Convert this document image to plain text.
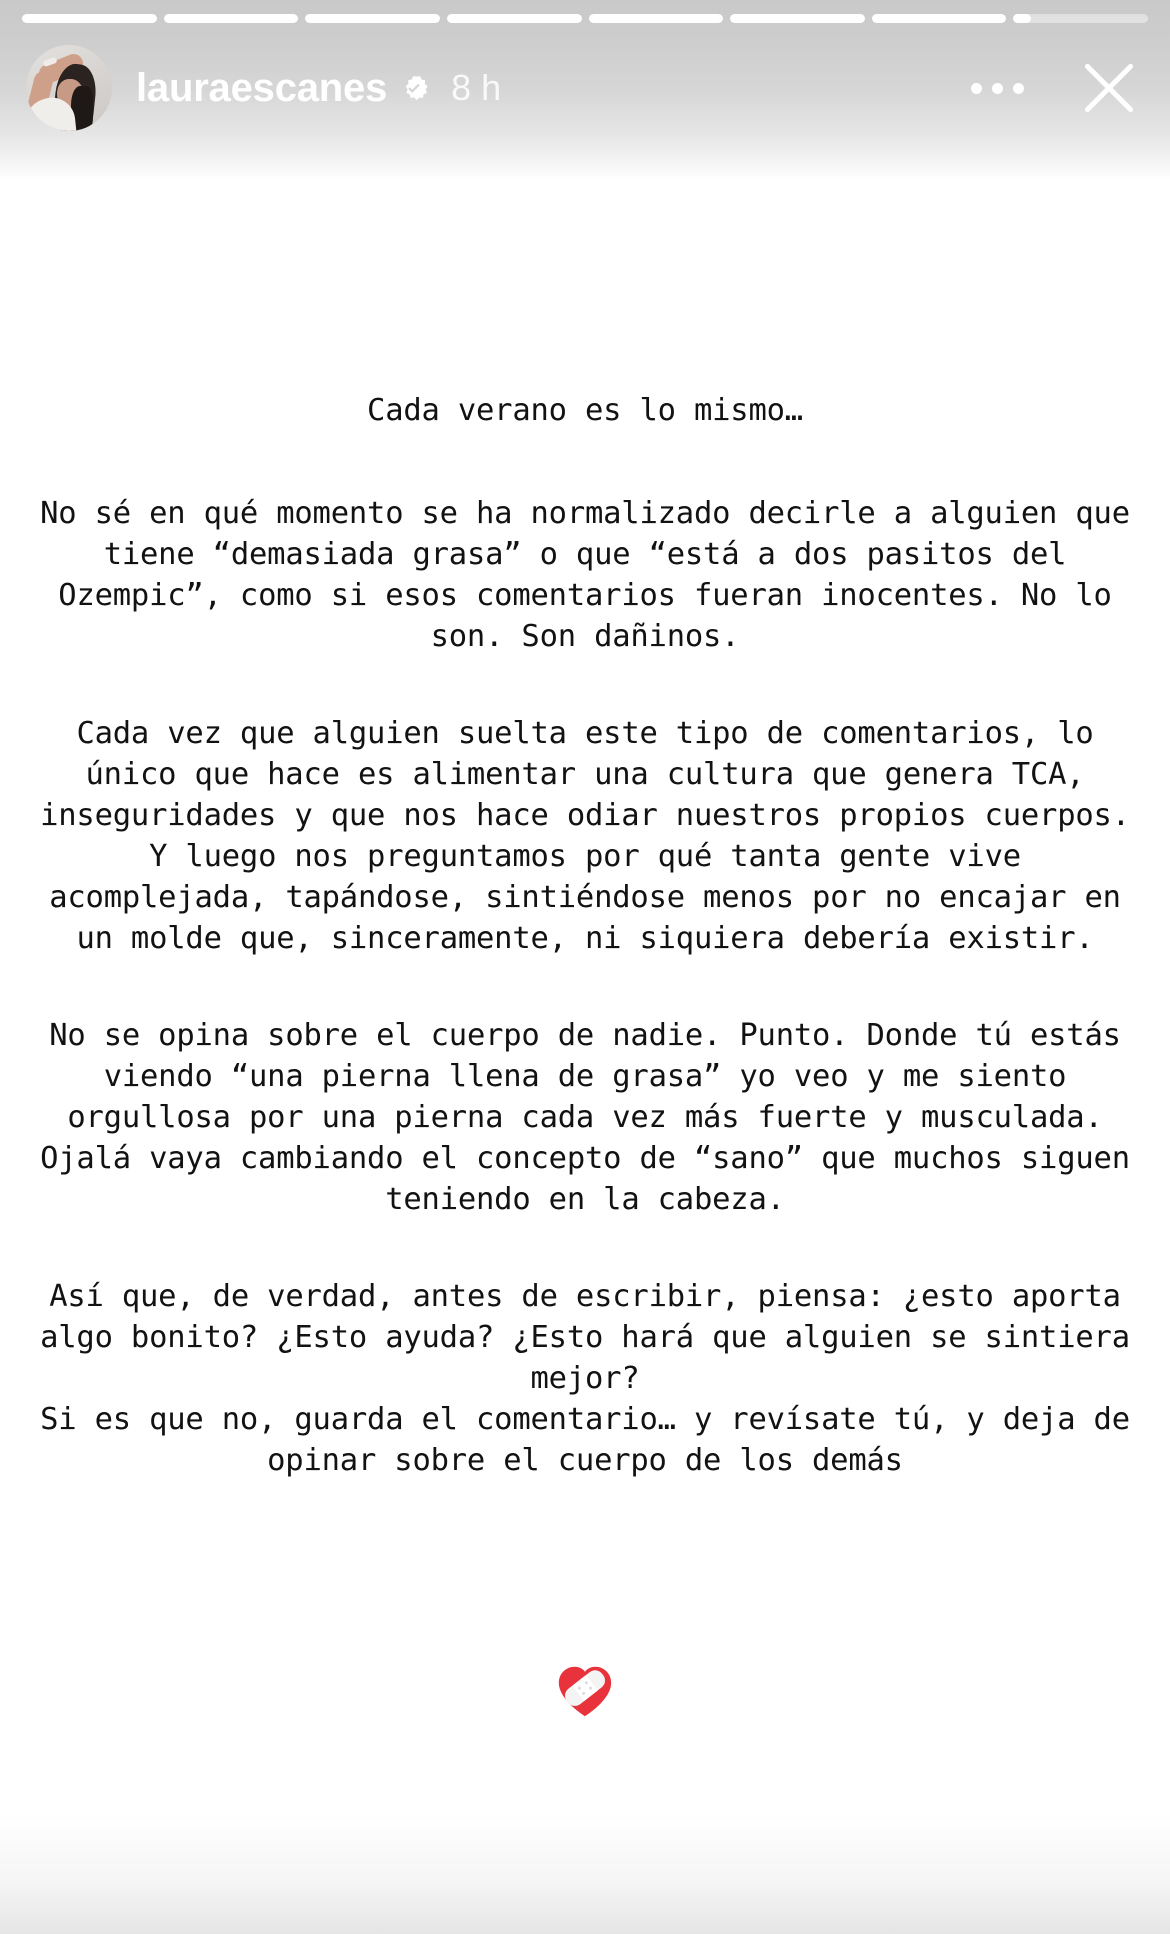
lauraescanes 8 h
Cada verano es lo mismo…
No sé en qué momento se ha normalizado decirle a alguien que tiene “demasiada grasa” o que “está a dos pasitos del Ozempic”, como si esos comentarios fueran inocentes. No lo son. Son dañinos.
Cada vez que alguien suelta este tipo de comentarios, lo único que hace es alimentar una cultura que genera TCA, inseguridades y que nos hace odiar nuestros propios cuerpos. Y luego nos preguntamos por qué tanta gente vive acomplejada, tapándose, sintiéndose menos por no encajar en un molde que, sinceramente, ni siquiera debería existir.
No se opina sobre el cuerpo de nadie. Punto. Donde tú estás viendo “una pierna llena de grasa” yo veo y me siento orgullosa por una pierna cada vez más fuerte y musculada. Ojalá vaya cambiando el concepto de “sano” que muchos siguen teniendo en la cabeza.
Así que, de verdad, antes de escribir, piensa: ¿esto aporta algo bonito? ¿Esto ayuda? ¿Esto hará que alguien se sintiera mejor?
Si es que no, guarda el comentario… y revísate tú, y deja de opinar sobre el cuerpo de los demás
